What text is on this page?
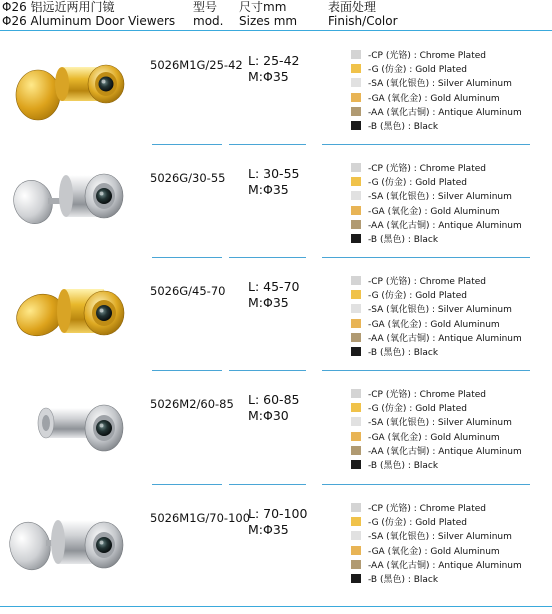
Φ26 铝远近两用门镜
Φ26 Aluminum Door Viewers
型号
mod.
尺寸mm
Sizes mm
表面处理
Finish/Color
5026M1G/25-42 L: 25-42
M:Φ35
-CP (光铬) : Chrome Plated
-G (仿金) : Gold Plated
-SA (氧化银色) : Silver Aluminum
-GA (氧化金) : Gold Aluminum
-AA (氧化古铜) : Antique Aluminum
-B (黑色) : Black
5026G/30-55 L: 30-55
M:Φ35
-CP (光铬) : Chrome Plated
-G (仿金) : Gold Plated
-SA (氧化银色) : Silver Aluminum
-GA (氧化金) : Gold Aluminum
-AA (氧化古铜) : Antique Aluminum
-B (黑色) : Black
5026G/45-70 L: 45-70
M:Φ35
-CP (光铬) : Chrome Plated
-G (仿金) : Gold Plated
-SA (氧化银色) : Silver Aluminum
-GA (氧化金) : Gold Aluminum
-AA (氧化古铜) : Antique Aluminum
-B (黑色) : Black
5026M2/60-85 L: 60-85
M:Φ30
-CP (光铬) : Chrome Plated
-G (仿金) : Gold Plated
-SA (氧化银色) : Silver Aluminum
-GA (氧化金) : Gold Aluminum
-AA (氧化古铜) : Antique Aluminum
-B (黑色) : Black
5026M1G/70-100
L: 70-100
M:Φ35
-CP (光铬) : Chrome Plated
-G (仿金) : Gold Plated
-SA (氧化银色) : Silver Aluminum
-GA (氧化金) : Gold Aluminum
-AA (氧化古铜) : Antique Aluminum
-B (黑色) : Black
